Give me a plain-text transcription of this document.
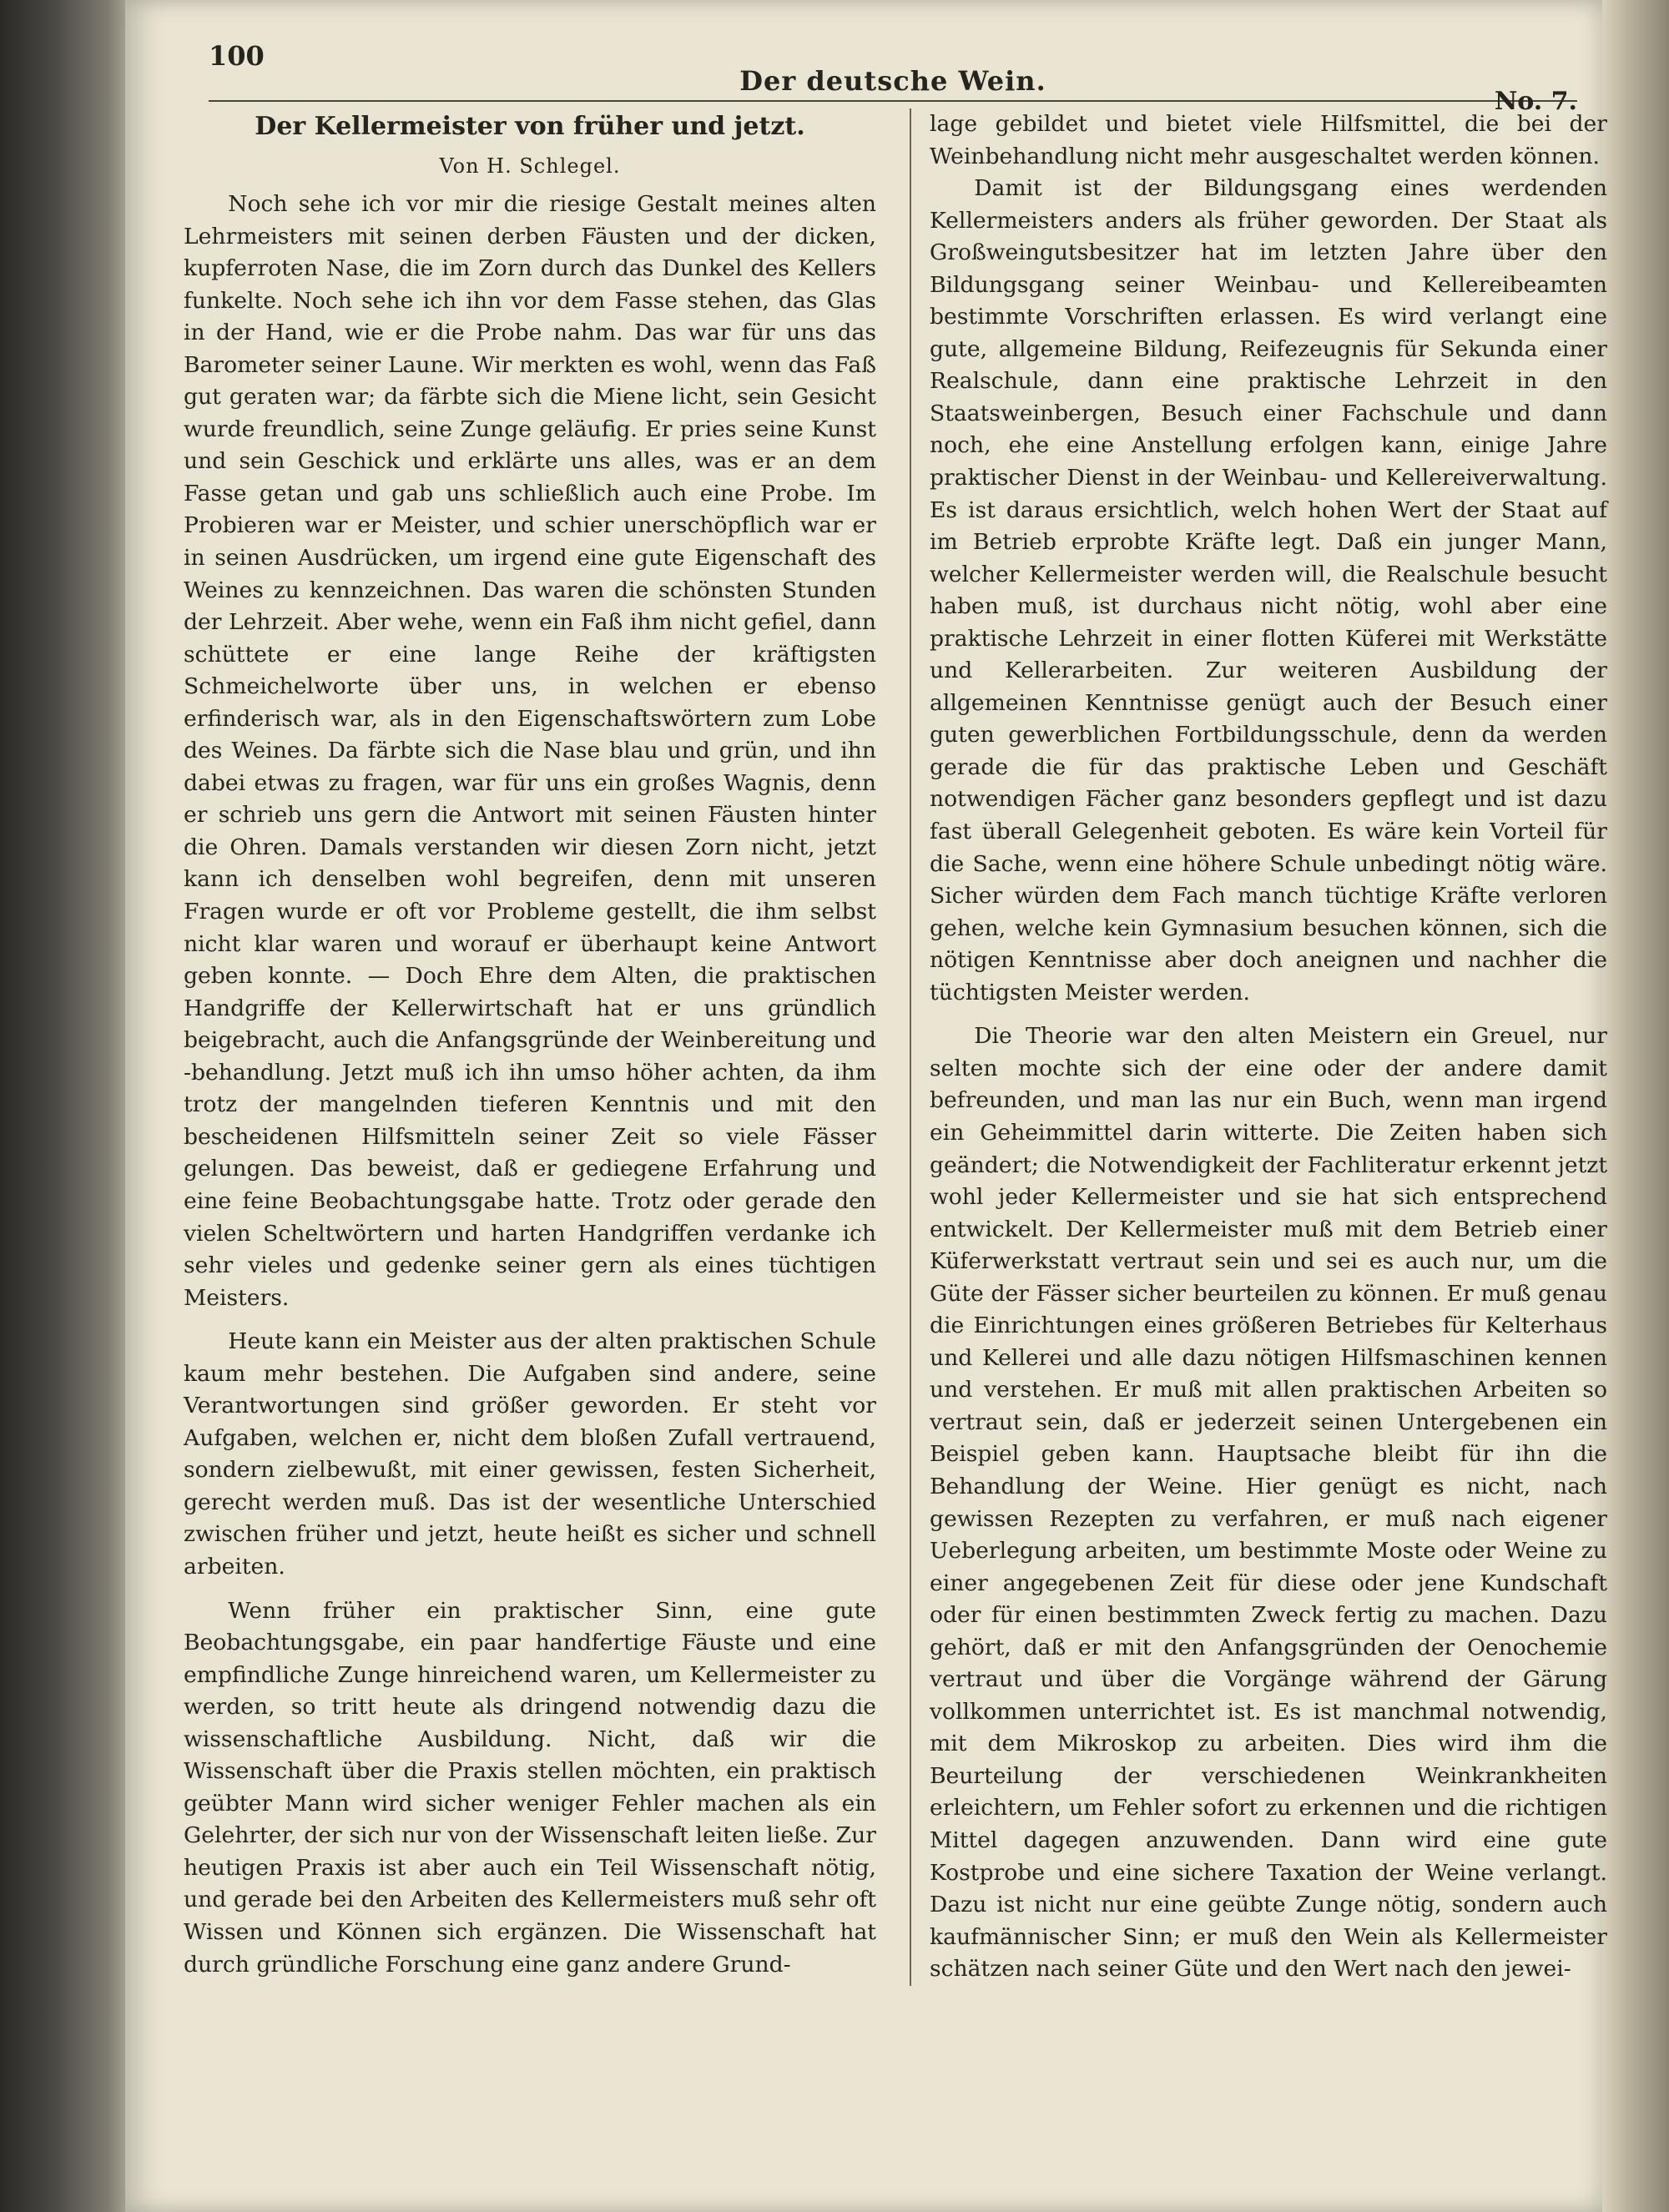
100
Der deutsche Wein.
No. 7.
Der Kellermeister von früher und jetzt.
Von H. Schlegel.

Noch sehe ich vor mir die riesige Gestalt meines alten Lehrmeisters mit seinen derben Fäusten und der dicken, kupferroten Nase, die im Zorn durch das Dunkel des Kellers funkelte. Noch sehe ich ihn vor dem Fasse stehen, das Glas in der Hand, wie er die Probe nahm. Das war für uns das Barometer seiner Laune. Wir merkten es wohl, wenn das Faß gut geraten war; da färbte sich die Miene licht, sein Gesicht wurde freundlich, seine Zunge geläufig. Er pries seine Kunst und sein Geschick und erklärte uns alles, was er an dem Fasse getan und gab uns schließlich auch eine Probe. Im Probieren war er Meister, und schier unerschöpflich war er in seinen Ausdrücken, um irgend eine gute Eigenschaft des Weines zu kennzeichnen. Das waren die schönsten Stunden der Lehrzeit. Aber wehe, wenn ein Faß ihm nicht gefiel, dann schüttete er eine lange Reihe der kräftigsten Schmeichelworte über uns, in welchen er ebenso erfinderisch war, als in den Eigenschaftswörtern zum Lobe des Weines. Da färbte sich die Nase blau und grün, und ihn dabei etwas zu fragen, war für uns ein großes Wagnis, denn er schrieb uns gern die Antwort mit seinen Fäusten hinter die Ohren. Damals verstanden wir diesen Zorn nicht, jetzt kann ich denselben wohl begreifen, denn mit unseren Fragen wurde er oft vor Probleme gestellt, die ihm selbst nicht klar waren und worauf er überhaupt keine Antwort geben konnte. — Doch Ehre dem Alten, die praktischen Handgriffe der Kellerwirtschaft hat er uns gründlich beigebracht, auch die Anfangsgründe der Weinbereitung und -behandlung. Jetzt muß ich ihn umso höher achten, da ihm trotz der mangelnden tieferen Kenntnis und mit den bescheidenen Hilfsmitteln seiner Zeit so viele Fässer gelungen. Das beweist, daß er gediegene Erfahrung und eine feine Beobachtungsgabe hatte. Trotz oder gerade den vielen Scheltwörtern und harten Handgriffen verdanke ich sehr vieles und gedenke seiner gern als eines tüchtigen Meisters.

Heute kann ein Meister aus der alten praktischen Schule kaum mehr bestehen. Die Aufgaben sind andere, seine Verantwortungen sind größer geworden. Er steht vor Aufgaben, welchen er, nicht dem bloßen Zufall vertrauend, sondern zielbewußt, mit einer gewissen, festen Sicherheit, gerecht werden muß. Das ist der wesentliche Unterschied zwischen früher und jetzt, heute heißt es sicher und schnell arbeiten.

Wenn früher ein praktischer Sinn, eine gute Beobachtungsgabe, ein paar handfertige Fäuste und eine empfindliche Zunge hinreichend waren, um Kellermeister zu werden, so tritt heute als dringend notwendig dazu die wissenschaftliche Ausbildung. Nicht, daß wir die Wissenschaft über die Praxis stellen möchten, ein praktisch geübter Mann wird sicher weniger Fehler machen als ein Gelehrter, der sich nur von der Wissenschaft leiten ließe. Zur heutigen Praxis ist aber auch ein Teil Wissenschaft nötig, und gerade bei den Arbeiten des Kellermeisters muß sehr oft Wissen und Können sich ergänzen. Die Wissenschaft hat durch gründliche Forschung eine ganz andere Grund-

lage gebildet und bietet viele Hilfsmittel, die bei der Weinbehandlung nicht mehr ausgeschaltet werden können.

Damit ist der Bildungsgang eines werdenden Kellermeisters anders als früher geworden. Der Staat als Großweingutsbesitzer hat im letzten Jahre über den Bildungsgang seiner Weinbau- und Kellereibeamten bestimmte Vorschriften erlassen. Es wird verlangt eine gute, allgemeine Bildung, Reifezeugnis für Sekunda einer Realschule, dann eine praktische Lehrzeit in den Staatsweinbergen, Besuch einer Fachschule und dann noch, ehe eine Anstellung erfolgen kann, einige Jahre praktischer Dienst in der Weinbau- und Kellereiverwaltung. Es ist daraus ersichtlich, welch hohen Wert der Staat auf im Betrieb erprobte Kräfte legt. Daß ein junger Mann, welcher Kellermeister werden will, die Realschule besucht haben muß, ist durchaus nicht nötig, wohl aber eine praktische Lehrzeit in einer flotten Küferei mit Werkstätte und Kellerarbeiten. Zur weiteren Ausbildung der allgemeinen Kenntnisse genügt auch der Besuch einer guten gewerblichen Fortbildungsschule, denn da werden gerade die für das praktische Leben und Geschäft notwendigen Fächer ganz besonders gepflegt und ist dazu fast überall Gelegenheit geboten. Es wäre kein Vorteil für die Sache, wenn eine höhere Schule unbedingt nötig wäre. Sicher würden dem Fach manch tüchtige Kräfte verloren gehen, welche kein Gymnasium besuchen können, sich die nötigen Kenntnisse aber doch aneignen und nachher die tüchtigsten Meister werden.

Die Theorie war den alten Meistern ein Greuel, nur selten mochte sich der eine oder der andere damit befreunden, und man las nur ein Buch, wenn man irgend ein Geheimmittel darin witterte. Die Zeiten haben sich geändert; die Notwendigkeit der Fachliteratur erkennt jetzt wohl jeder Kellermeister und sie hat sich entsprechend entwickelt. Der Kellermeister muß mit dem Betrieb einer Küferwerkstatt vertraut sein und sei es auch nur, um die Güte der Fässer sicher beurteilen zu können. Er muß genau die Einrichtungen eines größeren Betriebes für Kelterhaus und Kellerei und alle dazu nötigen Hilfsmaschinen kennen und verstehen. Er muß mit allen praktischen Arbeiten so vertraut sein, daß er jederzeit seinen Untergebenen ein Beispiel geben kann. Hauptsache bleibt für ihn die Behandlung der Weine. Hier genügt es nicht, nach gewissen Rezepten zu verfahren, er muß nach eigener Ueberlegung arbeiten, um bestimmte Moste oder Weine zu einer angegebenen Zeit für diese oder jene Kundschaft oder für einen bestimmten Zweck fertig zu machen. Dazu gehört, daß er mit den Anfangsgründen der Oenochemie vertraut und über die Vorgänge während der Gärung vollkommen unterrichtet ist. Es ist manchmal notwendig, mit dem Mikroskop zu arbeiten. Dies wird ihm die Beurteilung der verschiedenen Weinkrankheiten erleichtern, um Fehler sofort zu erkennen und die richtigen Mittel dagegen anzuwenden. Dann wird eine gute Kostprobe und eine sichere Taxation der Weine verlangt. Dazu ist nicht nur eine geübte Zunge nötig, sondern auch kaufmännischer Sinn; er muß den Wein als Kellermeister schätzen nach seiner Güte und den Wert nach den jewei-
